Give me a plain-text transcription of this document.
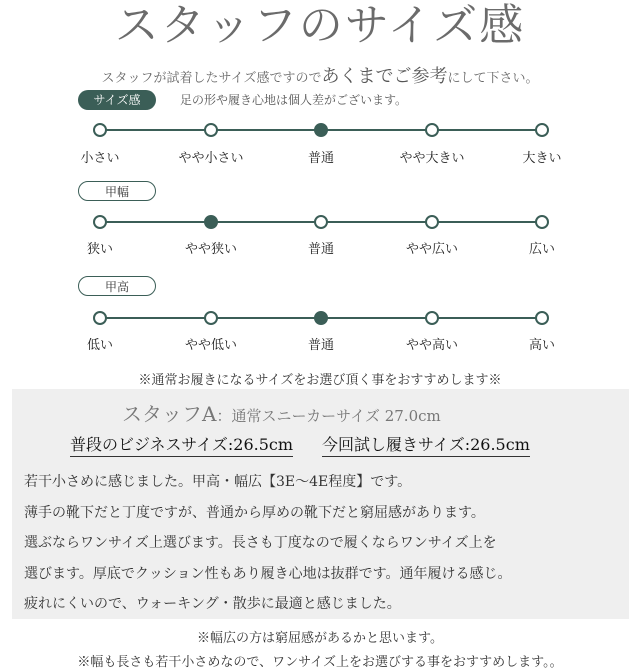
スタッフのサイズ感
スタッフが試着したサイズ感ですのであくまでご参考にして下さい。
足の形や履き心地は個人差がございます。
サイズ感
小さい	やや小さい	普通	やや大きい	大きい
甲幅
狭い	やや狭い	普通	やや広い	広い
甲高
低い	やや低い	普通	やや高い	高い
※通常お履きになるサイズをお選び頂く事をおすすめします※
スタッフA：通常スニーカーサイズ 27.0cm
普段のビジネスサイズ:26.5cm 今回試し履きサイズ:26.5cm
若干小さめに感じました。甲高・幅広【3E～4E程度】です。
薄手の靴下だと丁度ですが、普通から厚めの靴下だと窮屈感があります。
選ぶならワンサイズ上選びます。長さも丁度なので履くならワンサイズ上を
選びます。厚底でクッション性もあり履き心地は抜群です。通年履ける感じ。
疲れにくいので、ウォーキング・散歩に最適と感じました。
※幅広の方は窮屈感があるかと思います。
※幅も長さも若干小さめなので、ワンサイズ上をお選びする事をおすすめします。。
